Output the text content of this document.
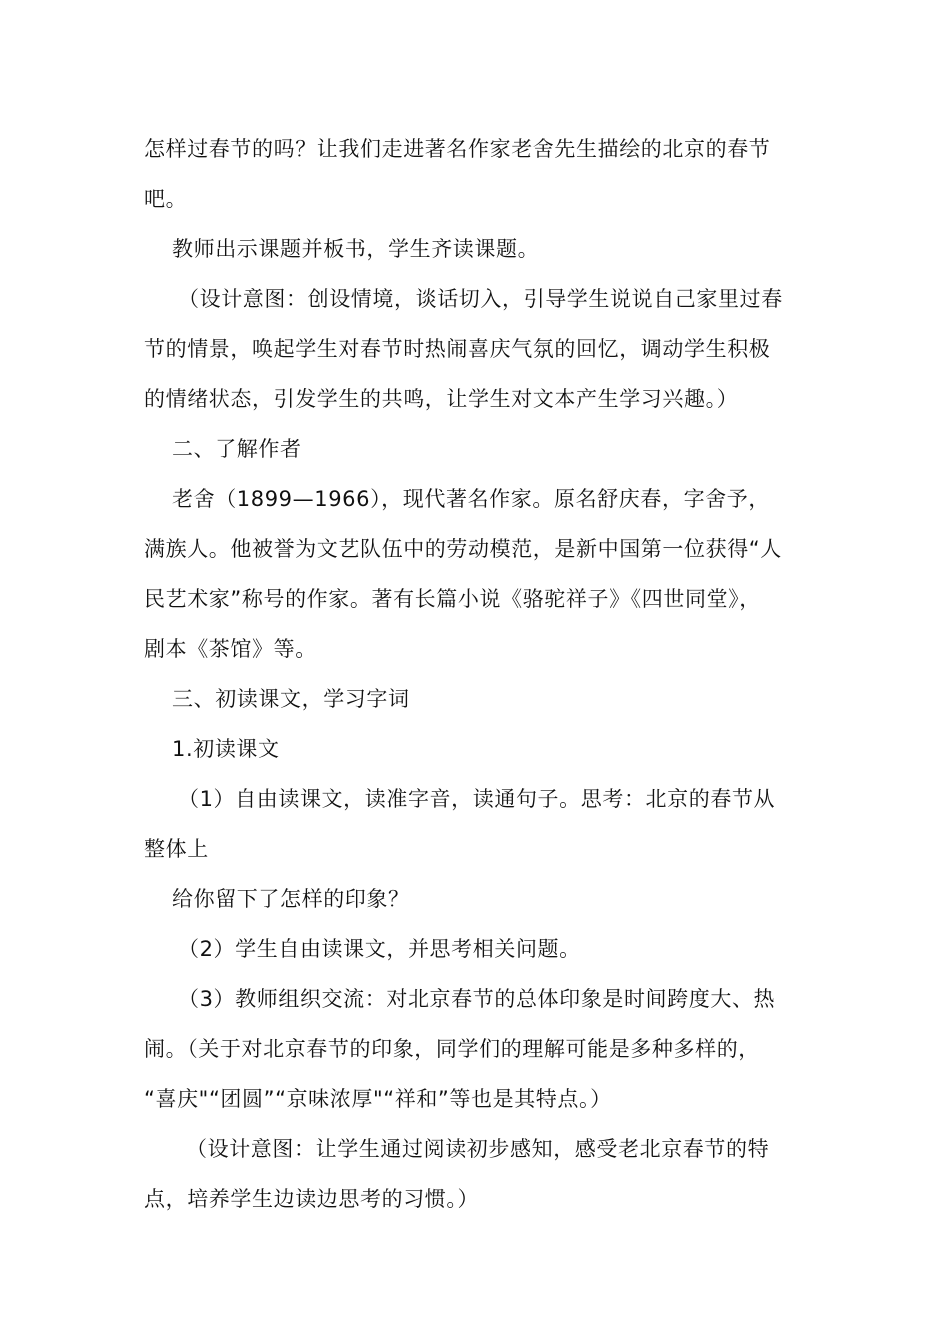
怎样过春节的吗？让我们走进著名作家老舍先生描绘的北京的春节
吧。
教师出示课题并板书，学生齐读课题。
（设计意图：创设情境，谈话切入，引导学生说说自己家里过春
节的情景，唤起学生对春节时热闹喜庆气氛的回忆，调动学生积极
的情绪状态，引发学生的共鸣，让学生对文本产生学习兴趣。）
二、了解作者
老舍（1899—1966），现代著名作家。原名舒庆春，字舍予，
满族人。他被誉为文艺队伍中的劳动模范，是新中国第一位获得“人
民艺术家”称号的作家。著有长篇小说《骆驼祥子》《四世同堂》，
剧本《茶馆》等。
三、初读课文，学习字词
1.初读课文
（1）自由读课文，读准字音，读通句子。思考：北京的春节从
整体上
给你留下了怎样的印象？
（2）学生自由读课文，并思考相关问题。
（3）教师组织交流：对北京春节的总体印象是时间跨度大、热
闹。（关于对北京春节的印象，同学们的理解可能是多种多样的，
“喜庆"“团圆”“京味浓厚"“祥和”等也是其特点。）
（设计意图：让学生通过阅读初步感知，感受老北京春节的特
点，培养学生边读边思考的习惯。）
